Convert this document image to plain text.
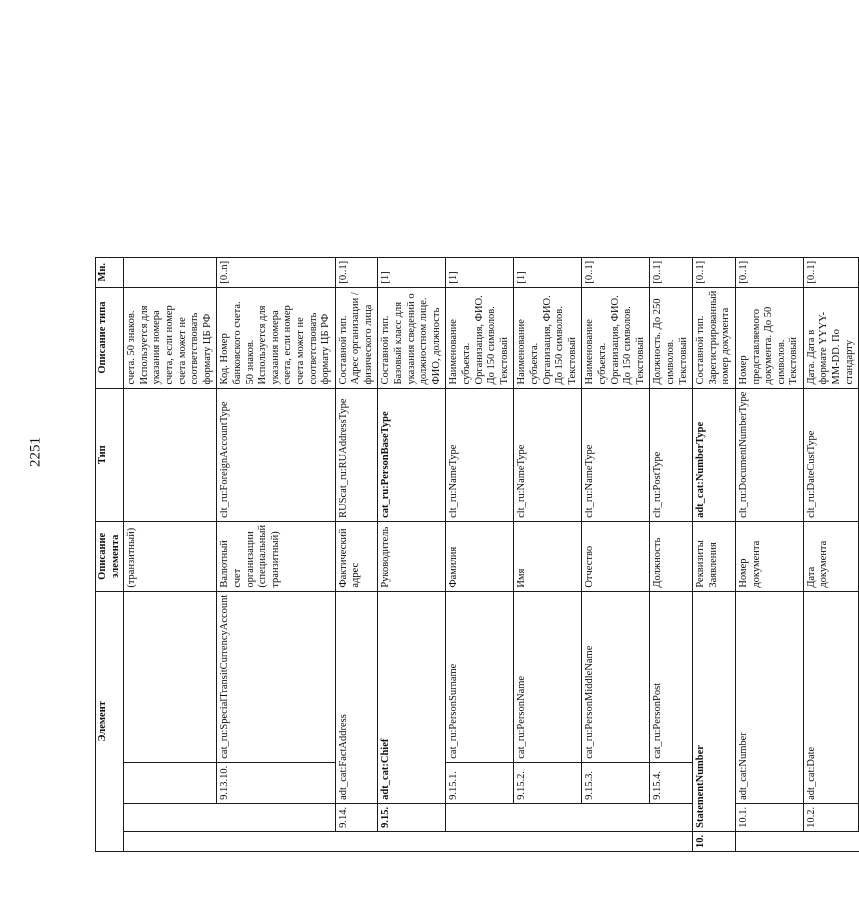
2251
Элемент				Описание элемента	Тип	Описание типа	Мн.
				(транзитный)		счета. 50 знаков. Используется для указания номера счета, если номер счета может не соответствовать формату ЦБ РФ	
		9.13.10.	cat_ru:SpecialTransitCurrencyAccount	Валютный счет организации (специальный транзитный)	clt_ru:ForeignAccountType	Код. Номер банковского счета. 50 знаков. Используется для указания номера счета, если номер счета может не соответствовать формату ЦБ РФ	[0..n]
	9.14.	adt_cat:FactAddress		Фактический адрес	RUScat_ru:RUAddressType	Составной тип. Адрес организации / физического лица	[0..1]
	9.15.	adt_cat:Chief		Руководитель	cat_ru:PersonBaseType	Составной тип. Базовый класс для указания сведений о должностном лице. ФИО, должность	[1]
		9.15.1.	cat_ru:PersonSurname	Фамилия	clt_ru:NameType	Наименование субъекта. Организация, ФИО. До 150 символов. Текстовый	[1]
		9.15.2.	cat_ru:PersonName	Имя	clt_ru:NameType	Наименование субъекта. Организация, ФИО. До 150 символов. Текстовый	[1]
		9.15.3.	cat_ru:PersonMiddleName	Отчество	clt_ru:NameType	Наименование субъекта. Организация, ФИО. До 150 символов. Текстовый	[0..1]
		9.15.4.	cat_ru:PersonPost	Должность	clt_ru:PostType	Должность. До 250 символов. Текстовый	[0..1]
10.	StatementNumber			Реквизиты Заявления	adt_cat:NumberType	Составной тип. Зарегистрированный номер документа	[0..1]
	10.1.	adt_cat:Number		Номер документа	clt_ru:DocumentNumberType	Номер представляемого документа. До 50 символов. Текстовый	[0..1]
	10.2.	adt_cat:Date		Дата документа	clt_ru:DateCustType	Дата. Дата в формате YYYY-MM-DD. По стандарту	[0..1]
